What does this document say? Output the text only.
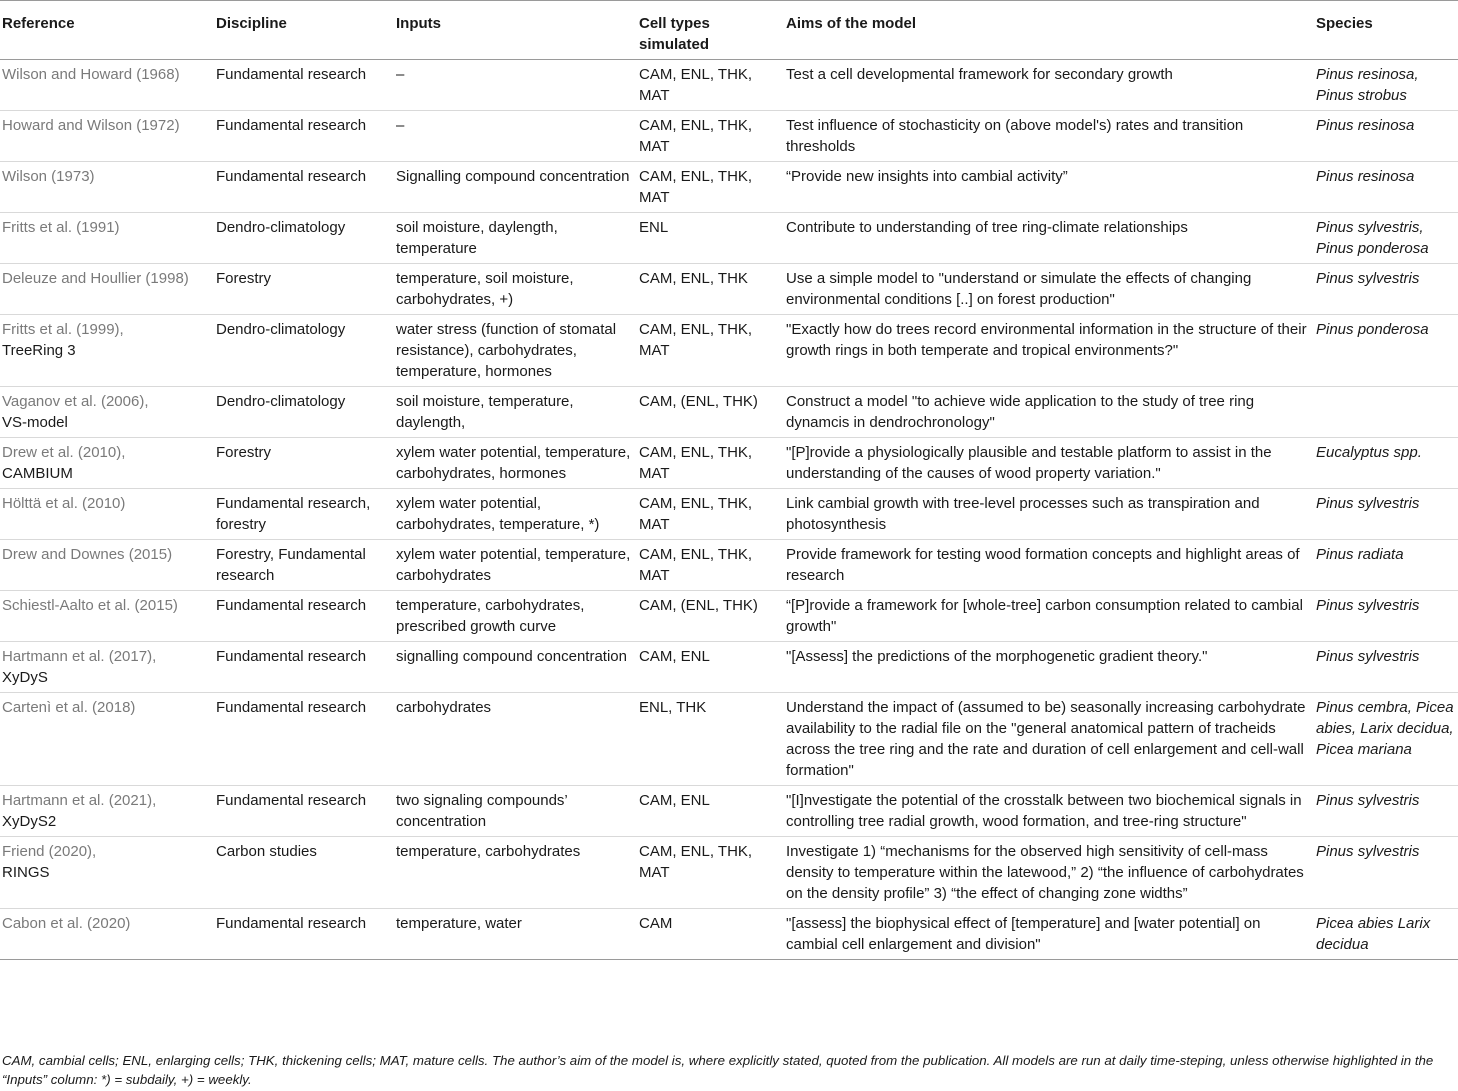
Reference	Discipline	Inputs	Cell types simulated	Aims of the model	Species
Wilson and Howard (1968)	Fundamental research	–	CAM, ENL, THK, MAT	Test a cell developmental framework for secondary growth	Pinus resinosa, Pinus strobus
Howard and Wilson (1972)	Fundamental research	–	CAM, ENL, THK, MAT	Test influence of stochasticity on (above model's) rates and transition thresholds	Pinus resinosa
Wilson (1973)	Fundamental research	Signalling compound concentration	CAM, ENL, THK, MAT	“Provide new insights into cambial activity”	Pinus resinosa
Fritts et al. (1991)	Dendro-climatology	soil moisture, daylength, temperature	ENL	Contribute to understanding of tree ring-climate relationships	Pinus sylvestris, Pinus ponderosa
Deleuze and Houllier (1998)	Forestry	temperature, soil moisture, carbohydrates, +)	CAM, ENL, THK	Use a simple model to "understand or simulate the effects of changing environmental conditions [..] on forest production"	Pinus sylvestris
Fritts et al. (1999),
TreeRing 3	Dendro-climatology	water stress (function of stomatal resistance), carbohydrates, temperature, hormones	CAM, ENL, THK, MAT	"Exactly how do trees record environmental information in the structure of their growth rings in both temperate and tropical environments?"	Pinus ponderosa
Vaganov et al. (2006),
VS-model	Dendro-climatology	soil moisture, temperature, daylength,	CAM, (ENL, THK)	Construct a model "to achieve wide application to the study of tree ring dynamcis in dendrochronology"	
Drew et al. (2010),
CAMBIUM	Forestry	xylem water potential, temperature, carbohydrates, hormones	CAM, ENL, THK, MAT	"[P]rovide a physiologically plausible and testable platform to assist in the understanding of the causes of wood property variation."	Eucalyptus spp.
Hölttä et al. (2010)	Fundamental research, forestry	xylem water potential, carbohydrates, temperature, *)	CAM, ENL, THK, MAT	Link cambial growth with tree-level processes such as transpiration and photosynthesis	Pinus sylvestris
Drew and Downes (2015)	Forestry, Fundamental research	xylem water potential, temperature, carbohydrates	CAM, ENL, THK, MAT	Provide framework for testing wood formation concepts and highlight areas of research	Pinus radiata
Schiestl-Aalto et al. (2015)	Fundamental research	temperature, carbohydrates, prescribed growth curve	CAM, (ENL, THK)	“[P]rovide a framework for [whole-tree] carbon consumption related to cambial growth"	Pinus sylvestris
Hartmann et al. (2017),
XyDyS	Fundamental research	signalling compound concentration	CAM, ENL	"[Assess] the predictions of the morphogenetic gradient theory."	Pinus sylvestris
Cartenì et al. (2018)	Fundamental research	carbohydrates	ENL, THK	Understand the impact of (assumed to be) seasonally increasing carbohydrate availability to the radial file on the "general anatomical pattern of tracheids across the tree ring and the rate and duration of cell enlargement and cell-wall formation"	Pinus cembra, Picea abies, Larix decidua, Picea mariana
Hartmann et al. (2021),
XyDyS2	Fundamental research	two signaling compounds’ concentration	CAM, ENL	"[I]nvestigate the potential of the crosstalk between two biochemical signals in controlling tree radial growth, wood formation, and tree-ring structure"	Pinus sylvestris
Friend (2020),
RINGS	Carbon studies	temperature, carbohydrates	CAM, ENL, THK, MAT	Investigate 1) “mechanisms for the observed high sensitivity of cell-mass density to temperature within the latewood,” 2) “the influence of carbohydrates on the density profile” 3) “the effect of changing zone widths”	Pinus sylvestris
Cabon et al. (2020)	Fundamental research	temperature, water	CAM	"[assess] the biophysical effect of [temperature] and [water potential] on cambial cell enlargement and division"	Picea abies Larix decidua
CAM, cambial cells; ENL, enlarging cells; THK, thickening cells; MAT, mature cells. The author’s aim of the model is, where explicitly stated, quoted from the publication. All models are run at daily time-steping, unless otherwise highlighted in the “Inputs” column: *) = subdaily, +) = weekly.
